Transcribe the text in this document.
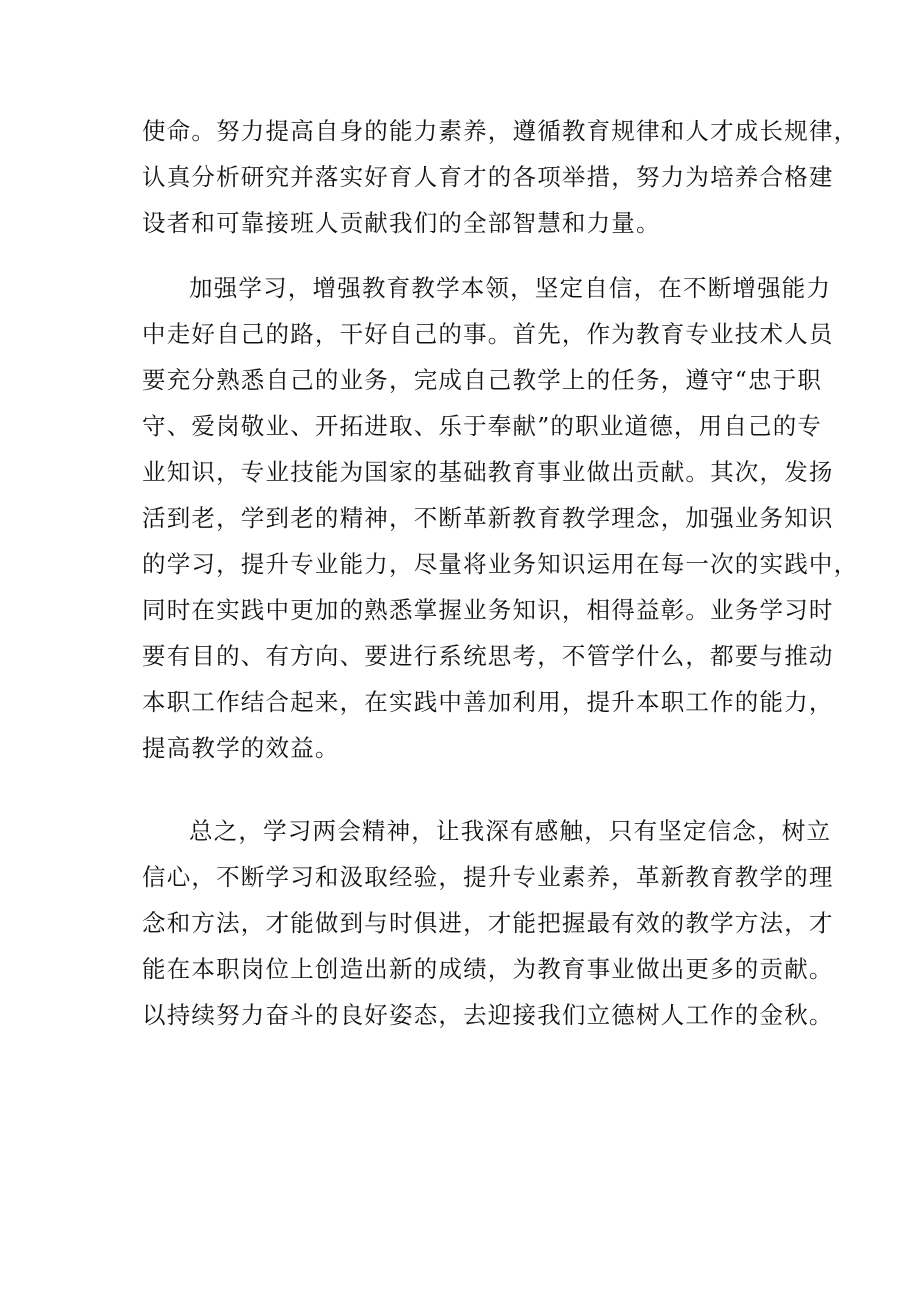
使命。努力提高自身的能力素养，遵循教育规律和人才成长规律，
认真分析研究并落实好育人育才的各项举措，努力为培养合格建
设者和可靠接班人贡献我们的全部智慧和力量。
加强学习，增强教育教学本领，坚定自信，在不断增强能力
中走好自己的路，干好自己的事。首先，作为教育专业技术人员
要充分熟悉自己的业务，完成自己教学上的任务，遵守“忠于职
守、爱岗敬业、开拓进取、乐于奉献”的职业道德，用自己的专
业知识，专业技能为国家的基础教育事业做出贡献。其次，发扬
活到老，学到老的精神，不断革新教育教学理念，加强业务知识
的学习，提升专业能力，尽量将业务知识运用在每一次的实践中，
同时在实践中更加的熟悉掌握业务知识，相得益彰。业务学习时
要有目的、有方向、要进行系统思考，不管学什么，都要与推动
本职工作结合起来，在实践中善加利用，提升本职工作的能力，
提高教学的效益。
总之，学习两会精神，让我深有感触，只有坚定信念，树立
信心，不断学习和汲取经验，提升专业素养，革新教育教学的理
念和方法，才能做到与时俱进，才能把握最有效的教学方法，才
能在本职岗位上创造出新的成绩，为教育事业做出更多的贡献。
以持续努力奋斗的良好姿态，去迎接我们立德树人工作的金秋。
